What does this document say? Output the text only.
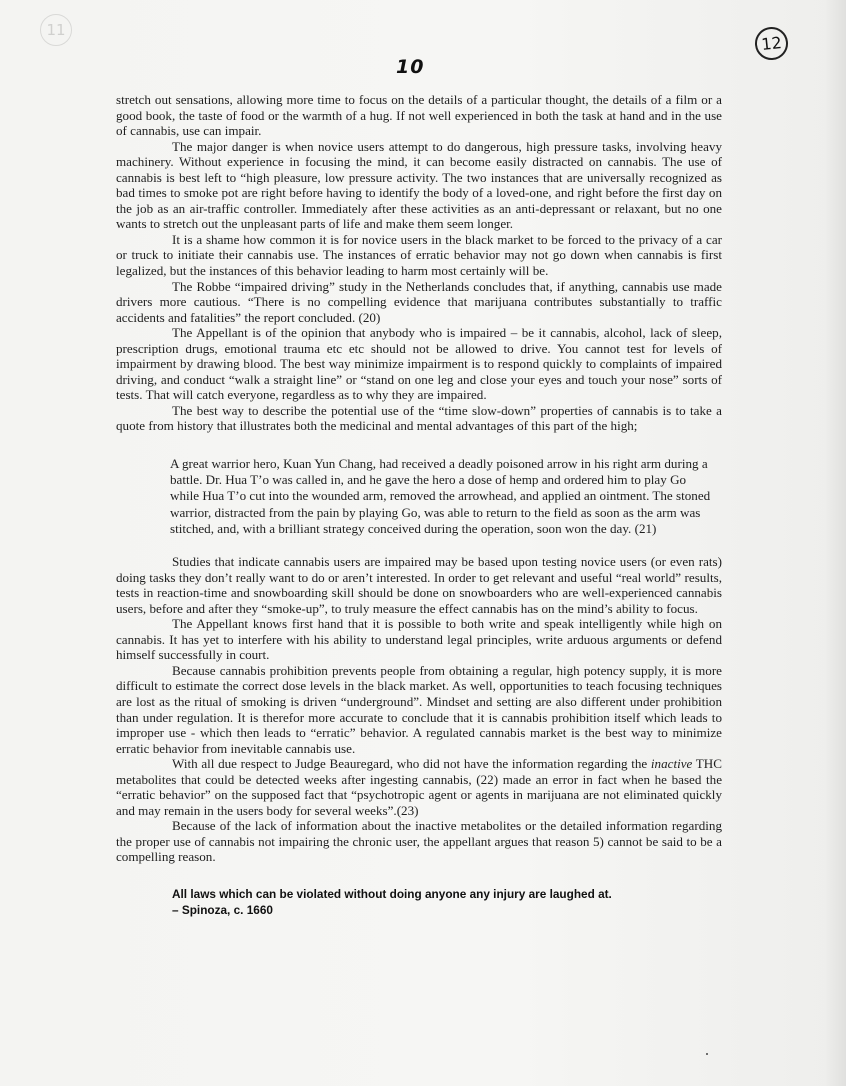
11
12
10

stretch out sensations, allowing more time to focus on the details of a particular thought, the details of a film or a good book, the taste of food or the warmth of a hug. If not well experienced in both the task at hand and in the use of cannabis, use can impair.

The major danger is when novice users attempt to do dangerous, high pressure tasks, involving heavy machinery. Without experience in focusing the mind, it can become easily distracted on cannabis. The use of cannabis is best left to “high pleasure, low pressure activity. The two instances that are universally recognized as bad times to smoke pot are right before having to identify the body of a loved-one, and right before the first day on the job as an air-traffic controller. Immediately after these activities as an anti-depressant or relaxant, but no one wants to stretch out the unpleasant parts of life and make them seem longer.

It is a shame how common it is for novice users in the black market to be forced to the privacy of a car or truck to initiate their cannabis use. The instances of erratic behavior may not go down when cannabis is first legalized, but the instances of this behavior leading to harm most certainly will be.

The Robbe “impaired driving” study in the Netherlands concludes that, if anything, cannabis use made drivers more cautious. “There is no compelling evidence that marijuana contributes substantially to traffic accidents and fatalities” the report concluded. (20)

The Appellant is of the opinion that anybody who is impaired – be it cannabis, alcohol, lack of sleep, prescription drugs, emotional trauma etc etc should not be allowed to drive. You cannot test for levels of impairment by drawing blood. The best way minimize impairment is to respond quickly to complaints of impaired driving, and conduct “walk a straight line” or “stand on one leg and close your eyes and touch your nose” sorts of tests. That will catch everyone, regardless as to why they are impaired.

The best way to describe the potential use of the “time slow-down” properties of cannabis is to take a quote from history that illustrates both the medicinal and mental advantages of this part of the high;

A great warrior hero, Kuan Yun Chang, had received a deadly poisoned arrow in his right arm during a battle. Dr. Hua T’o was called in, and he gave the hero a dose of hemp and ordered him to play Go while Hua T’o cut into the wounded arm, removed the arrowhead, and applied an ointment. The stoned warrior, distracted from the pain by playing Go, was able to return to the field as soon as the arm was stitched, and, with a brilliant strategy conceived during the operation, soon won the day. (21)

Studies that indicate cannabis users are impaired may be based upon testing novice users (or even rats) doing tasks they don’t really want to do or aren’t interested. In order to get relevant and useful “real world” results, tests in reaction-time and snowboarding skill should be done on snowboarders who are well-experienced cannabis users, before and after they “smoke-up”, to truly measure the effect cannabis has on the mind’s ability to focus.

The Appellant knows first hand that it is possible to both write and speak intelligently while high on cannabis. It has yet to interfere with his ability to understand legal principles, write arduous arguments or defend himself successfully in court.

Because cannabis prohibition prevents people from obtaining a regular, high potency supply, it is more difficult to estimate the correct dose levels in the black market. As well, opportunities to teach focusing techniques are lost as the ritual of smoking is driven “underground”. Mindset and setting are also different under prohibition than under regulation. It is therefor more accurate to conclude that it is cannabis prohibition itself which leads to improper use - which then leads to “erratic” behavior. A regulated cannabis market is the best way to minimize erratic behavior from inevitable cannabis use.

With all due respect to Judge Beauregard, who did not have the information regarding the inactive THC metabolites that could be detected weeks after ingesting cannabis, (22) made an error in fact when he based the “erratic behavior” on the supposed fact that “psychotropic agent or agents in marijuana are not eliminated quickly and may remain in the users body for several weeks”.(23)

Because of the lack of information about the inactive metabolites or the detailed information regarding the proper use of cannabis not impairing the chronic user, the appellant argues that reason 5) cannot be said to be a compelling reason.

All laws which can be violated without doing anyone any injury are laughed at.
– Spinoza, c. 1660
